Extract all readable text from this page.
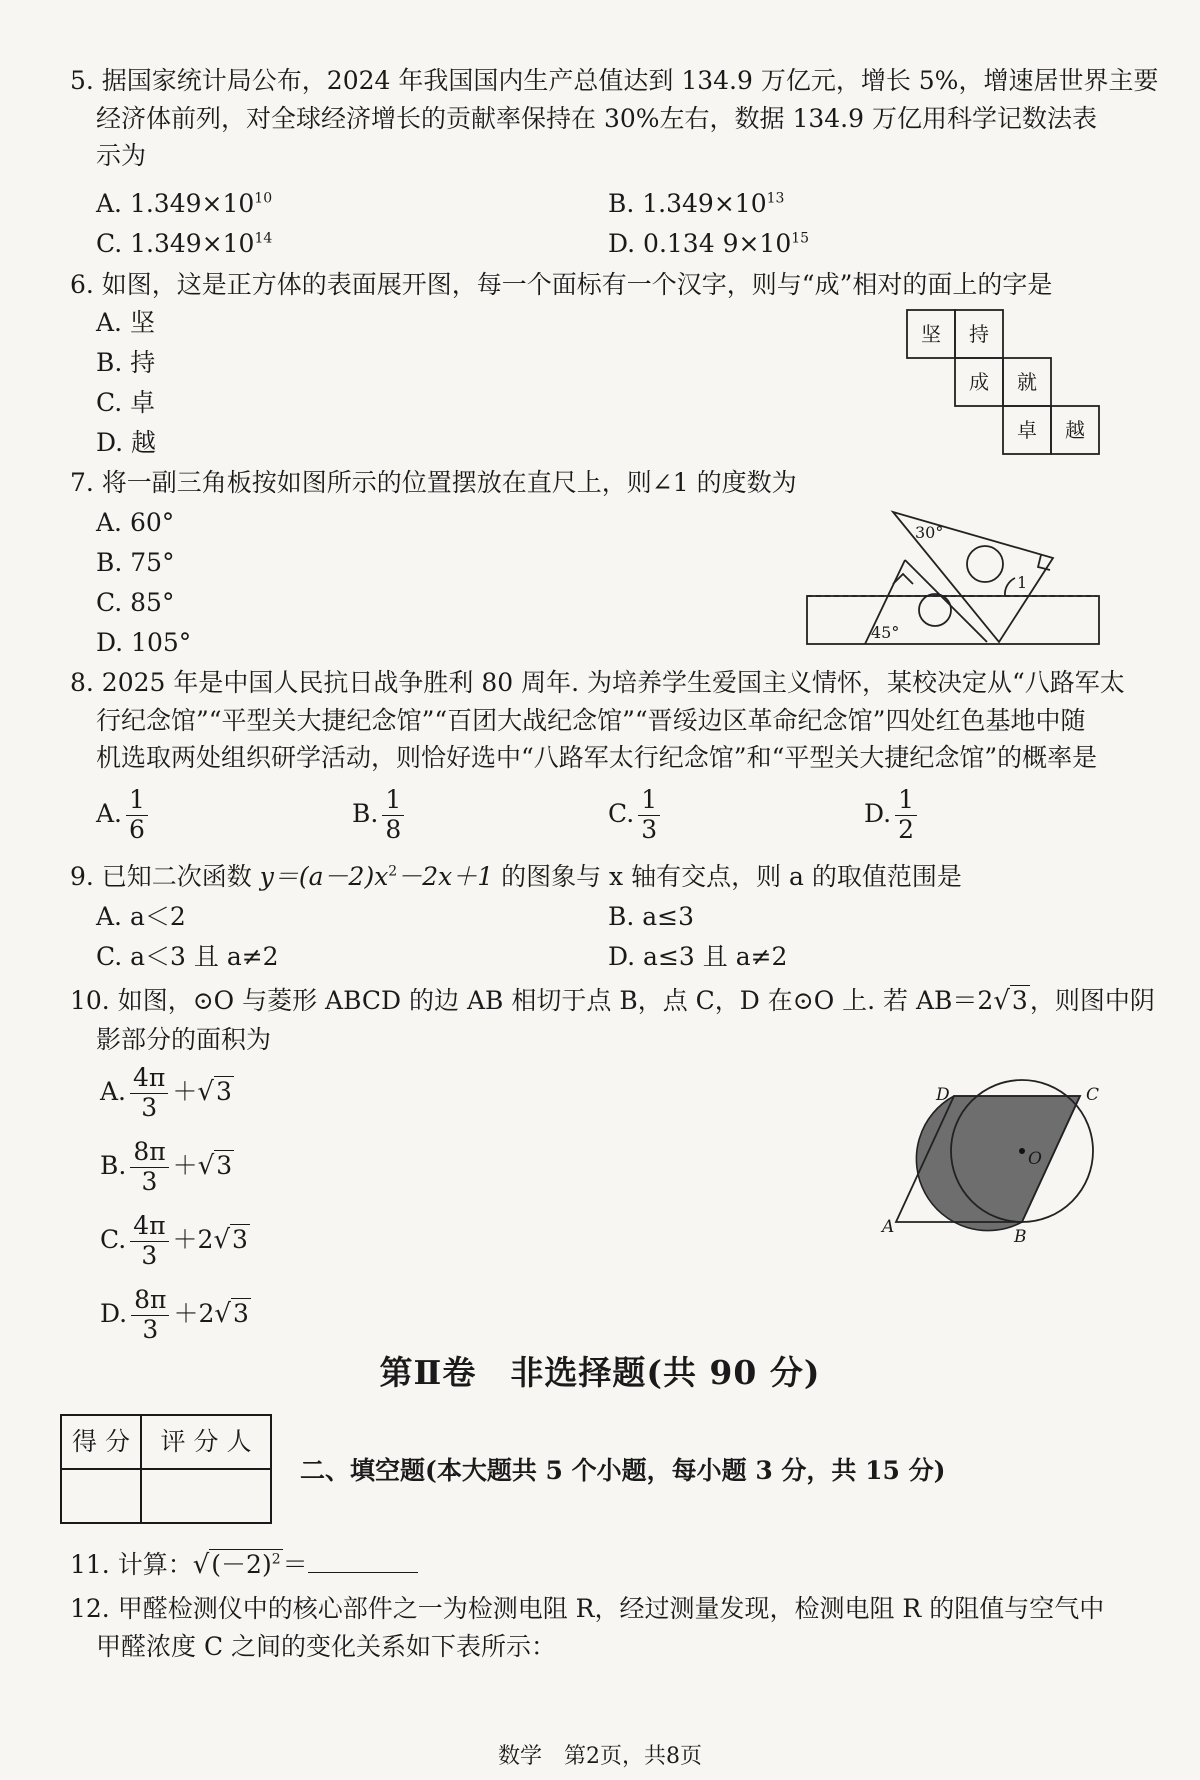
5. 据国家统计局公布，2024 年我国国内生产总值达到 134.9 万亿元，增长 5%，增速居世界主要
经济体前列，对全球经济增长的贡献率保持在 30%左右，数据 134.9 万亿用科学记数法表
示为
A. $1.349\times 10^{10}$	B. $1.349\times 10^{13}$
C. $1.349\times 10^{14}$	D. 0.134 $9\times 10^{15}$
6. 如图，这是正方体的表面展开图，每一个面标有一个汉字，则与“成”相对的面上的字是
A. 坚
B. 持
C. 卓
D. 越
坚 持
成 就
卓 越
7. 将一副三角板按如图所示的位置摆放在直尺上，则∠1 的度数为
A. 60°
B. 75°
C. 85°
D. 105°
30°
45°
1
8. 2025 年是中国人民抗日战争胜利 80 周年. 为培养学生爱国主义情怀，某校决定从“八路军太
行纪念馆”“平型关大捷纪念馆”“百团大战纪念馆”“晋绥边区革命纪念馆”四处红色基地中随
机选取两处组织研学活动，则恰好选中“八路军太行纪念馆”和“平型关大捷纪念馆”的概率是
A. $\frac{1}{6}$	B. $\frac{1}{8}$	C. $\frac{1}{3}$	D. $\frac{1}{2}$
9. 已知二次函数 $y=(a-2)x^2-2x+1$ 的图象与 x 轴有交点，则 a 的取值范围是
A. a＜2	B. a≤3
C. a＜3 且 a≠2	D. a≤3 且 a≠2
10. 如图，⊙O 与菱形 ABCD 的边 AB 相切于点 B，点 C，D 在⊙O 上. 若 AB＝2√3，则图中阴
影部分的面积为
A. $\frac{4\pi}{3} +√3$
B. $\frac{8\pi}{3} +√3$
C. $\frac{4\pi}{3} +2√3$
D. $\frac{8\pi}{3} +2√3$
A	B
C
D
O
第Ⅱ卷　非选择题(共 90 分)
得 分	评 分 人

二、填空题(本大题共 5 个小题，每小题 3 分，共 15 分)
11. 计算：$√(-2)^2=$
12. 甲醛检测仪中的核心部件之一为检测电阻 R，经过测量发现，检测电阻 R 的阻值与空气中
甲醛浓度 C 之间的变化关系如下表所示：
数学　第2页，共8页
